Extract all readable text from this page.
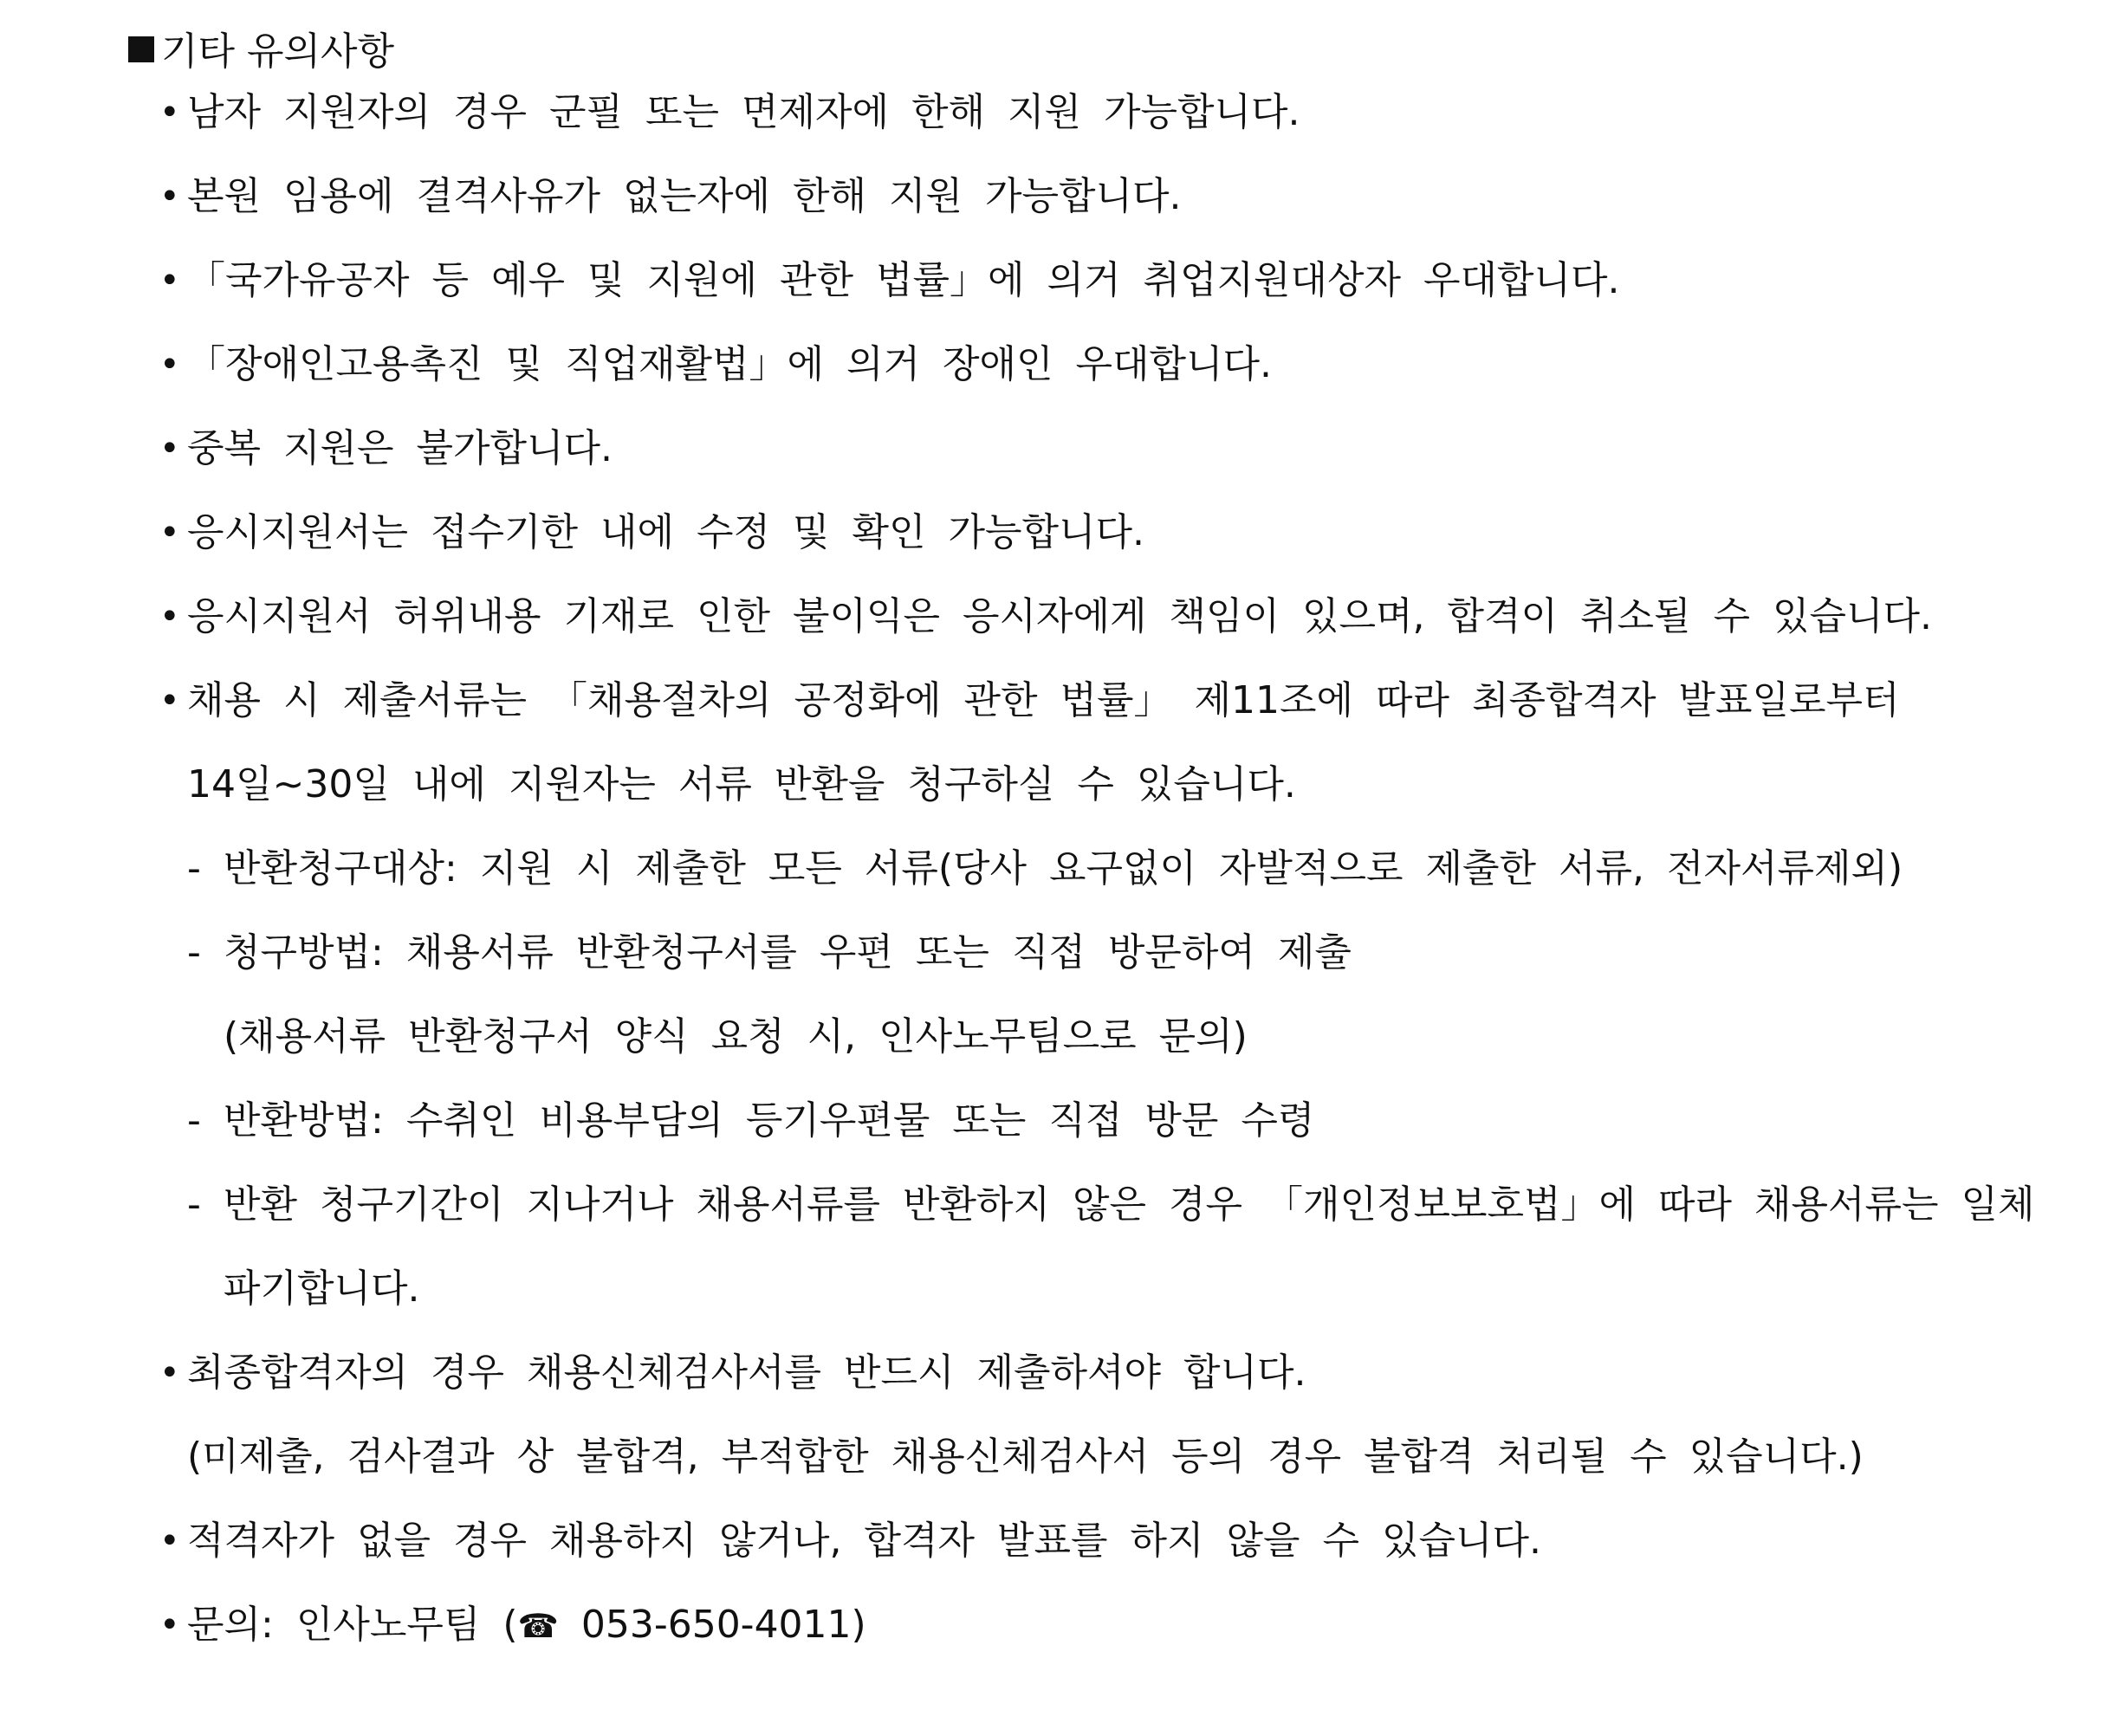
기타 유의사항
• 남자 지원자의 경우 군필 또는 면제자에 한해 지원 가능합니다.
• 본원 임용에 결격사유가 없는자에 한해 지원 가능합니다.
• 「국가유공자 등 예우 및 지원에 관한 법률」에 의거 취업지원대상자 우대합니다.
• 「장애인고용촉진 및 직업재활법」에 의거 장애인 우대합니다.
• 중복 지원은 불가합니다.
• 응시지원서는 접수기한 내에 수정 및 확인 가능합니다.
• 응시지원서 허위내용 기재로 인한 불이익은 응시자에게 책임이 있으며, 합격이 취소될 수 있습니다.
• 채용 시 제출서류는 「채용절차의 공정화에 관한 법률」 제11조에 따라 최종합격자 발표일로부터
14일~30일 내에 지원자는 서류 반환을 청구하실 수 있습니다.
- 반환청구대상: 지원 시 제출한 모든 서류(당사 요구없이 자발적으로 제출한 서류, 전자서류제외)
- 청구방법: 채용서류 반환청구서를 우편 또는 직접 방문하여 제출
(채용서류 반환청구서 양식 요청 시, 인사노무팀으로 문의)
- 반환방법: 수취인 비용부담의 등기우편물 또는 직접 방문 수령
- 반환 청구기간이 지나거나 채용서류를 반환하지 않은 경우 「개인정보보호법」에 따라 채용서류는 일체
파기합니다.
• 최종합격자의 경우 채용신체검사서를 반드시 제출하셔야 합니다.
(미제출, 검사결과 상 불합격, 부적합한 채용신체검사서 등의 경우 불합격 처리될 수 있습니다.)
• 적격자가 없을 경우 채용하지 않거나, 합격자 발표를 하지 않을 수 있습니다.
• 문의: 인사노무팀 (☎ 053-650-4011)
